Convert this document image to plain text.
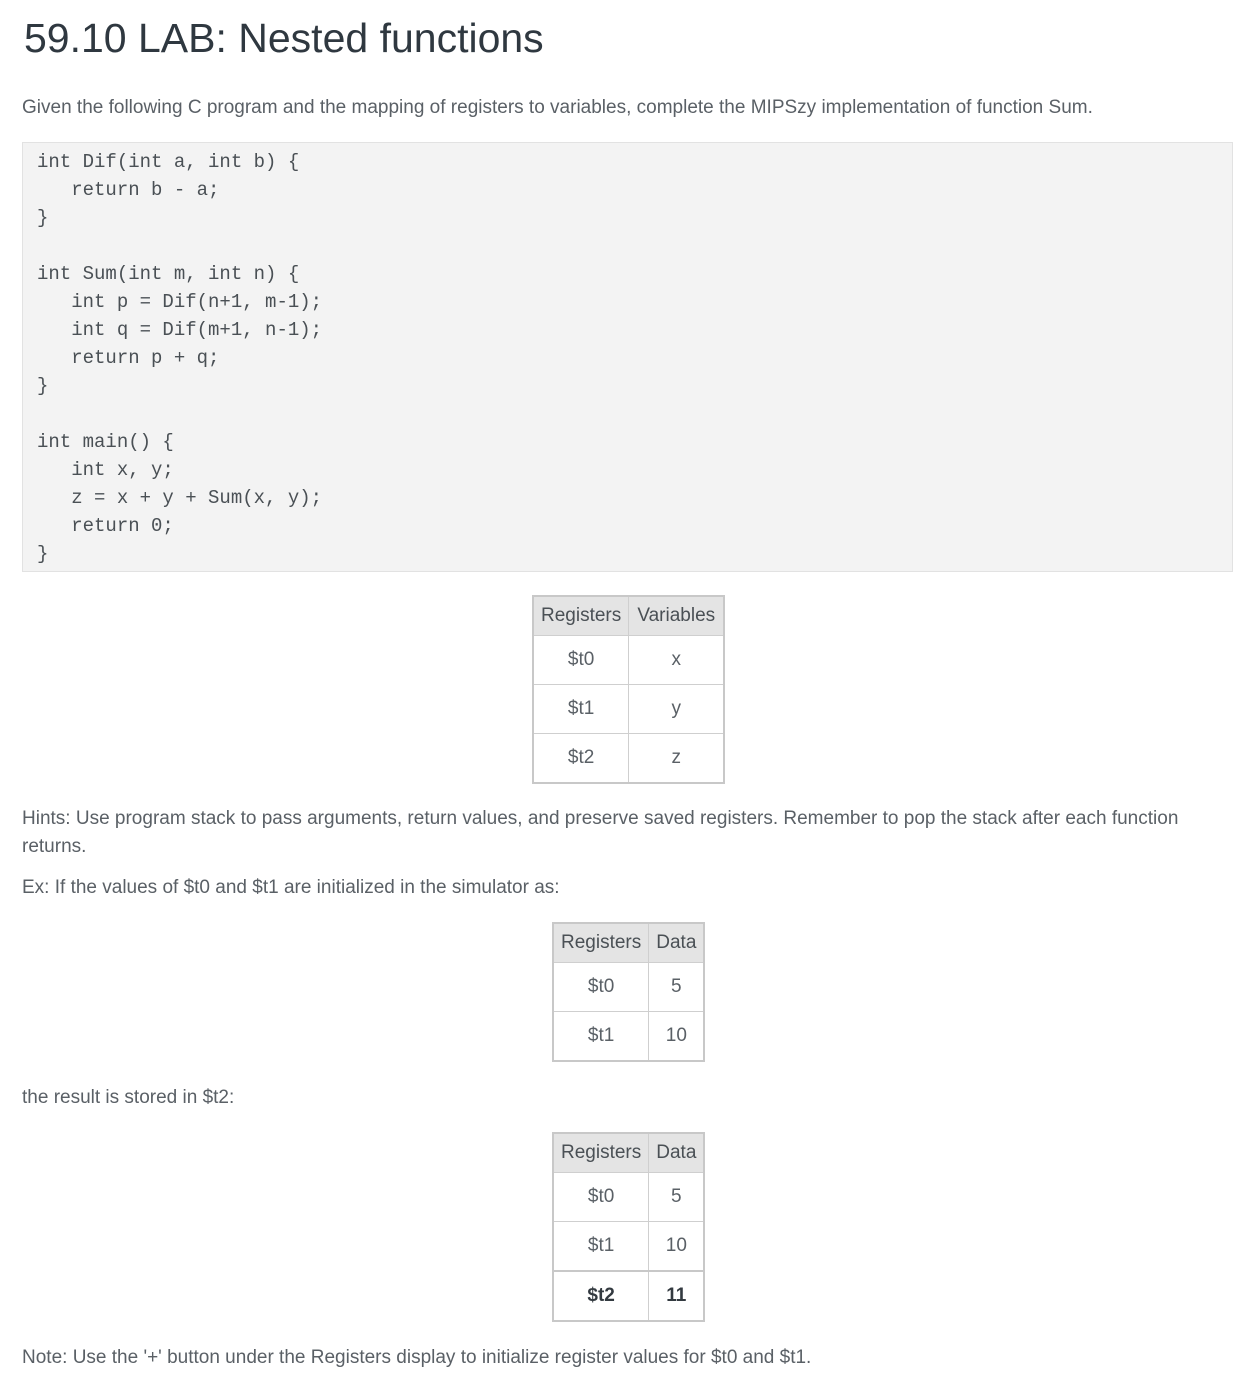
59.10 LAB: Nested functions
Given the following C program and the mapping of registers to variables, complete the MIPSzy implementation of function Sum.
int Dif(int a, int b) {
return b - a;
}

int Sum(int m, int n) {
int p = Dif(n+1, m-1);
int q = Dif(m+1, n-1);
return p + q;
}

int main() {
int x, y;
z = x + y + Sum(x, y);
return 0;
}
Registers	Variables
$t0	x
$t1	y
$t2	z
Hints: Use program stack to pass arguments, return values, and preserve saved registers. Remember to pop the stack after each function returns.
Ex: If the values of $t0 and $t1 are initialized in the simulator as:
Registers	Data
$t0	5
$t1	10
the result is stored in $t2:
Registers	Data
$t0	5
$t1	10
$t2	11
Note: Use the '+' button under the Registers display to initialize register values for $t0 and $t1.
